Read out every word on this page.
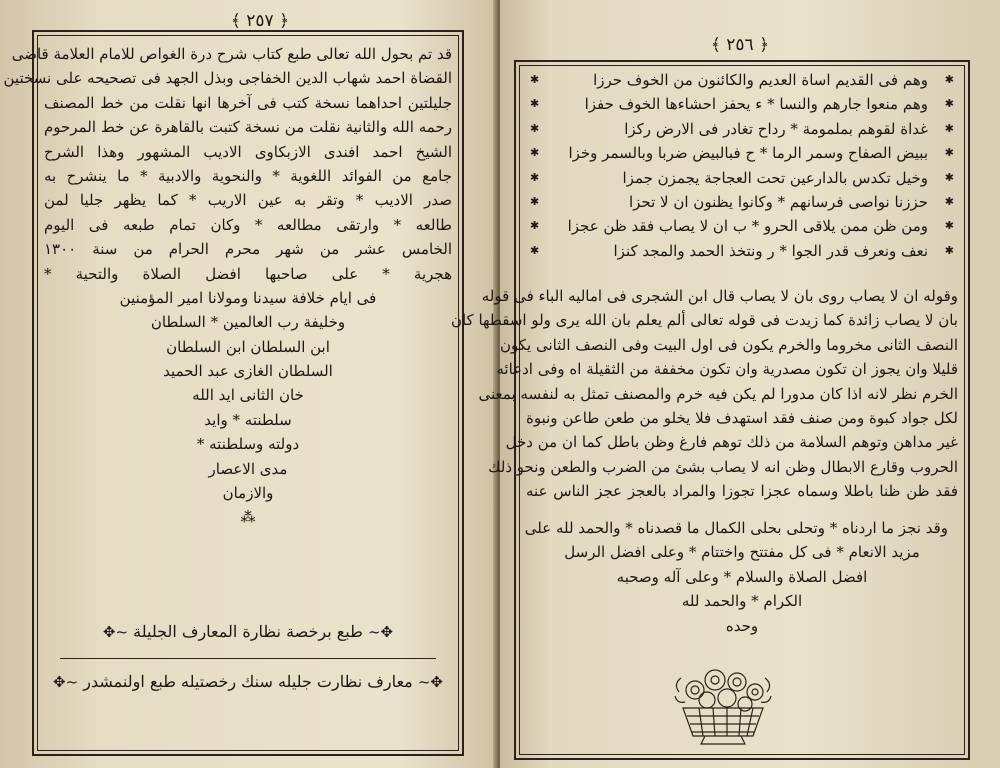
﴿ ٢٥٧ ﴾
قد تم بحول الله تعالى طبع كتاب شرح درة الغواص للامام العلامة قاضى
القضاة احمد شهاب الدين الخفاجى وبذل الجهد فى تصحيحه على نسختين
جليلتين احداهما نسخة كتب فى آخرها انها نقلت من خط المصنف
رحمه الله والثانية نقلت من نسخة كتبت بالقاهرة عن خط المرحوم
الشيخ احمد افندى الازبكاوى الاديب المشهور وهذا الشرح
جامع من الفوائد اللغوية * والنحوية والادبية * ما ينشرح به
صدر الاديب * وتقر به عين الاريب * كما يظهر جليا لمن
طالعه * وارتقى مطالعه * وكان تمام طبعه فى اليوم
الخامس عشر من شهر محرم الحرام من سنة ١٣٠٠
هجرية * على صاحبها افضل الصلاة والتحية *
فى ايام خلافة سيدنا ومولانا امير المؤمنين
وخليفة رب العالمين * السلطان
ابن السلطان ابن السلطان
السلطان الغازى عبد الحميد
خان الثانى ايد الله
سلطنته * وايد
دولته وسلطنته *
مدى الاعصار
والازمان
⁂
✥~ طبع برخصة نظارة المعارف الجليلة ~✥
✥~ معارف نظارت جليله سنك رخصتيله طبع اولنمشدر ~✥
﴿ ٢٥٦ ﴾
✱ وهم فى القديم اساة العديم والكائنون من الخوف حرزا ✱
✱ وهم منعوا جارهم والنسا * ء يحفز احشاءها الخوف حفزا ✱
✱ غداة لقوهم بملمومة * رداح تغادر فى الارض ركزا ✱
✱ ببيض الصفاح وسمر الرما * ح فبالبيض ضربا وبالسمر وخزا ✱
✱ وخيل تكدس بالدارعين تحت العجاجة يجمزن جمزا ✱
✱ حززنا نواصى فرسانهم * وكانوا يظنون ان لا تحزا ✱
✱ ومن ظن ممن يلاقى الحرو * ب ان لا يصاب فقد ظن عجزا ✱
✱ نعف ونعرف قدر الجوا * ر ونتخذ الحمد والمجد كنزا ✱
وقوله ان لا يصاب روى بان لا يصاب قال ابن الشجرى فى اماليه الباء فى قوله
بان لا يصاب زائدة كما زيدت فى قوله تعالى ألم يعلم بان الله يرى ولو اسقطها كان
النصف الثانى مخروما والخرم يكون فى اول البيت وفى النصف الثانى يكون
قليلا وان يجوز ان تكون مصدرية وان تكون مخففة من الثقيلة اه وفى ادعائه
الخرم نظر لانه اذا كان مدورا لم يكن فيه خرم والمصنف تمثل به لنفسه بمعنى
لكل جواد كبوة ومن صنف فقد استهدف فلا يخلو من طعن طاعن ونبوة
غير مداهن وتوهم السلامة من ذلك توهم فارغ وظن باطل كما ان من دخل
الحروب وقارع الابطال وظن انه لا يصاب بشئ من الضرب والطعن ونحو ذلك
فقد ظن ظنا باطلا وسماه عجزا تجوزا والمراد بالعجز عجز الناس عنه
وقد نجز ما اردناه * وتحلى بحلى الكمال ما قصدناه * والحمد لله على
مزيد الانعام * فى كل مفتتح واختتام * وعلى افضل الرسل
افضل الصلاة والسلام * وعلى آله وصحبه
الكرام * والحمد لله
وحده
